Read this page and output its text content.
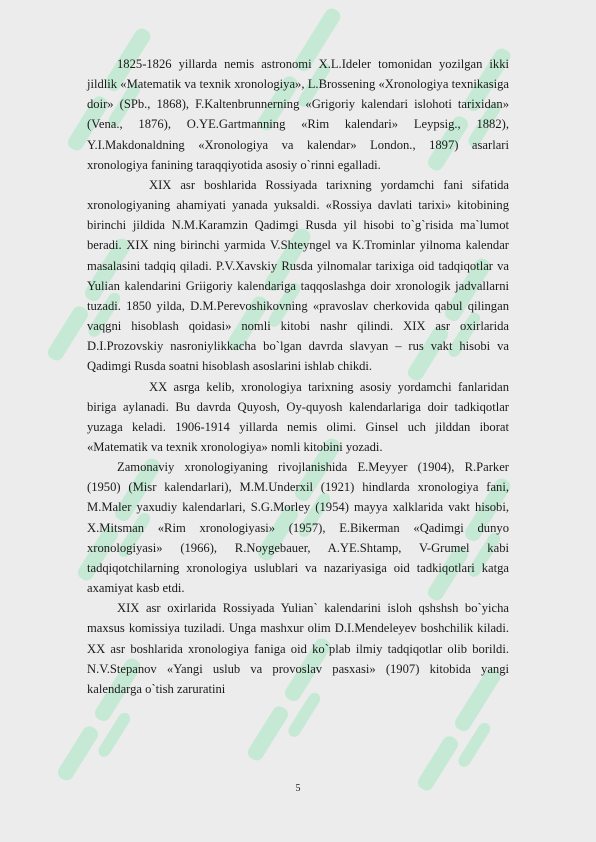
1825-1826 yillarda nemis astronomi X.L.Ideler tomonidan yozilgan ikki jildlik «Matematik va texnik xronologiya», L.Brossening «Xronologiya texnikasiga doir» (SPb., 1868), F.Kaltenbrunnerning «Grigoriy kalendari islohoti tarixidan» (Vena., 1876), O.YE.Gartmanning «Rim kalendari» Leypsig., 1882), Y.I.Makdonaldning «Xronologiya va kalendar» London., 1897) asarlari xronologiya fanining taraqqiyotida asosiy o`rinni egalladi.

XIX asr boshlarida Rossiyada tarixning yordamchi fani sifatida xronologiyaning ahamiyati yanada yuksaldi. «Rossiya davlati tarixi» kitobining birinchi jildida N.M.Karamzin Qadimgi Rusda yil hisobi to`g`risida ma`lumot beradi. XIX ning birinchi yarmida V.Shteyngel va K.Trominlar yilnoma kalendar masalasini tadqiq qiladi. P.V.Xavskiy Rusda yilnomalar tarixiga oid tadqiqotlar va Yulian kalendarini Griigoriy kalendariga taqqoslashga doir xronologik jadvallarni tuzadi. 1850 yilda, D.M.Perevoshikovning «pravoslav cherkovida qabul qilingan vaqgni hisoblash qoidasi» nomli kitobi nashr qilindi. XIX asr oxirlarida D.I.Prozovskiy nasroniylikkacha bo`lgan davrda slavyan – rus vakt hisobi va Qadimgi Rusda soatni hisoblash asoslarini ishlab chikdi.

XX asrga kelib, xronologiya tarixning asosiy yordamchi fanlaridan biriga aylanadi. Bu davrda Quyosh, Oy-quyosh kalendarlariga doir tadkiqotlar yuzaga keladi. 1906-1914 yillarda nemis olimi. Ginsel uch jilddan iborat «Matematik va texnik xronologiya» nomli kitobini yozadi.

Zamonaviy xronologiyaning rivojlanishida E.Meyyer (1904), R.Parker (1950) (Misr kalendarlari), M.M.Underxil (1921) hindlarda xronologiya fani, M.Maler yaxudiy kalendarlari, S.G.Morley (1954) mayya xalklarida vakt hisobi, X.Mitsman «Rim xronologiyasi» (1957), E.Bikerman «Qadimgi dunyo xronologiyasi» (1966), R.Noygebauer, A.YE.Shtamp, V-Grumel kabi tadqiqotchilarning xronologiya uslublari va nazariyasiga oid tadkiqotlari katga axamiyat kasb etdi.

XIX asr oxirlarida Rossiyada Yulian` kalendarini isloh qshshsh bo`yicha maxsus komissiya tuziladi. Unga mashxur olim D.I.Mendeleyev boshchilik kiladi. XX asr boshlarida xronologiya faniga oid ko`plab ilmiy tadqiqotlar olib borildi. N.V.Stepanov «Yangi uslub va provoslav pasxasi» (1907) kitobida yangi kalendarga o`tish zaruratini

5
